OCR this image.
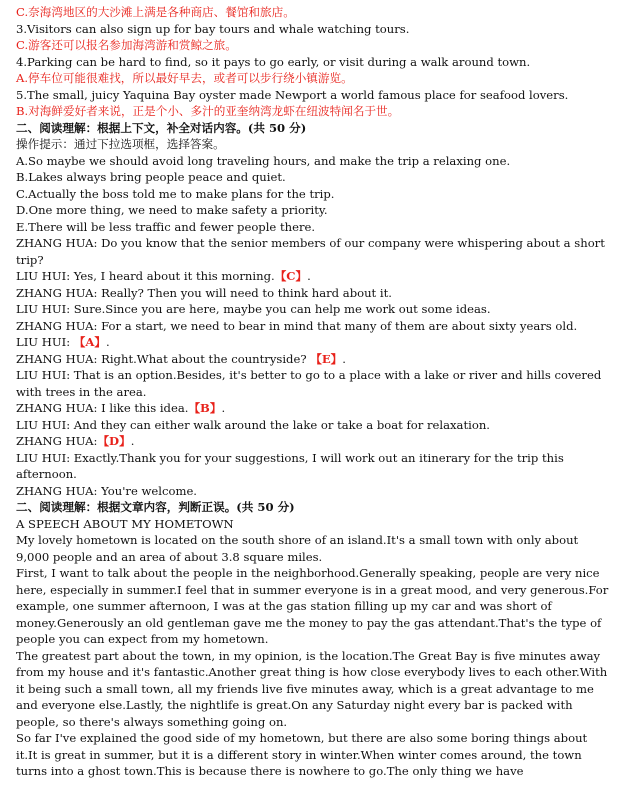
C.奈海湾地区的大沙滩上满是各种商店、餐馆和旅店。
3.Visitors can also sign up for bay tours and whale watching tours.
C.游客还可以报名参加海湾游和赏鲸之旅。
4.Parking can be hard to find, so it pays to go early, or visit during a walk around town.
A.停车位可能很难找，所以最好早去，或者可以步行绕小镇游览。
5.The small, juicy Yaquina Bay oyster made Newport a world famous place for seafood lovers.
B.对海鲜爱好者来说，正是个小、多汁的亚奎纳湾龙虾在纽波特闻名于世。
二、阅读理解：根据上下文，补全对话内容。(共 50 分)
操作提示：通过下拉选项框，选择答案。
A.So maybe we should avoid long traveling hours, and make the trip a relaxing one.
B.Lakes always bring people peace and quiet.
C.Actually the boss told me to make plans for the trip.
D.One more thing, we need to make safety a priority.
E.There will be less traffic and fewer people there.
ZHANG HUA: Do you know that the senior members of our company were whispering about a short trip?
LIU HUI: Yes, I heard about it this morning.【C】.
ZHANG HUA: Really? Then you will need to think hard about it.
LIU HUI: Sure.Since you are here, maybe you can help me work out some ideas.
ZHANG HUA: For a start, we need to bear in mind that many of them are about sixty years old.
LIU HUI: 【A】.
ZHANG HUA: Right.What about the countryside? 【E】.
LIU HUI: That is an option.Besides, it's better to go to a place with a lake or river and hills covered with trees in the area.
ZHANG HUA: I like this idea.【B】.
LIU HUI: And they can either walk around the lake or take a boat for relaxation.
ZHANG HUA:【D】.
LIU HUI: Exactly.Thank you for your suggestions, I will work out an itinerary for the trip this afternoon.
ZHANG HUA: You're welcome.
二、阅读理解：根据文章内容，判断正误。(共 50 分)
A SPEECH ABOUT MY HOMETOWN
My lovely hometown is located on the south shore of an island.It's a small town with only about 9,000 people and an area of about 3.8 square miles.
First, I want to talk about the people in the neighborhood.Generally speaking, people are very nice here, especially in summer.I feel that in summer everyone is in a great mood, and very generous.For example, one summer afternoon, I was at the gas station filling up my car and was short of money.Generously an old gentleman gave me the money to pay the gas attendant.That's the type of people you can expect from my hometown.
The greatest part about the town, in my opinion, is the location.The Great Bay is five minutes away from my house and it's fantastic.Another great thing is how close everybody lives to each other.With it being such a small town, all my friends live five minutes away, which is a great advantage to me and everyone else.Lastly, the nightlife is great.On any Saturday night every bar is packed with people, so there's always something going on.
So far I've explained the good side of my hometown, but there are also some boring things about it.It is great in summer, but it is a different story in winter.When winter comes around, the town turns into a ghost town.This is because there is nowhere to go.The only thing we have
